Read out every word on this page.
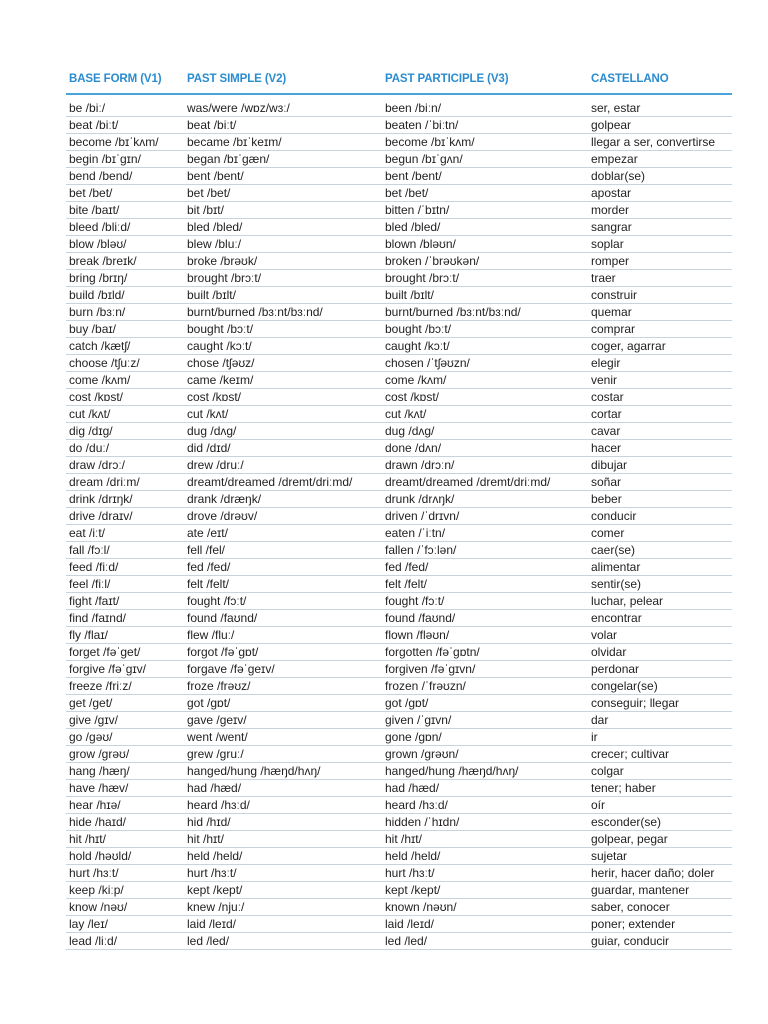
BASE FORM (V1)	PAST SIMPLE (V2)	PAST PARTICIPLE (V3)	CASTELLANO
be /biː/	was/were /wɒz/wɜː/	been /biːn/	ser, estar
beat /biːt/	beat /biːt/	beaten /ˈbiːtn/	golpear
become /bɪˈkʌm/	became /bɪˈkeɪm/	become /bɪˈkʌm/	llegar a ser, convertirse
begin /bɪˈɡɪn/	began /bɪˈɡæn/	begun /bɪˈɡʌn/	empezar
bend /bend/	bent /bent/	bent /bent/	doblar(se)
bet /bet/	bet /bet/	bet /bet/	apostar
bite /baɪt/	bit /bɪt/	bitten /ˈbɪtn/	morder
bleed /bliːd/	bled /bled/	bled /bled/	sangrar
blow /bləʊ/	blew /bluː/	blown /bləʊn/	soplar
break /breɪk/	broke /brəʊk/	broken /ˈbrəʊkən/	romper
bring /brɪŋ/	brought /brɔːt/	brought /brɔːt/	traer
build /bɪld/	built /bɪlt/	built /bɪlt/	construir
burn /bɜːn/	burnt/burned /bɜːnt/bɜːnd/	burnt/burned /bɜːnt/bɜːnd/	quemar
buy /baɪ/	bought /bɔːt/	bought /bɔːt/	comprar
catch /kætʃ/	caught /kɔːt/	caught /kɔːt/	coger, agarrar
choose /tʃuːz/	chose /tʃəʊz/	chosen /ˈtʃəʊzn/	elegir
come /kʌm/	came /keɪm/	come /kʌm/	venir
cost /kɒst/	cost /kɒst/	cost /kɒst/	costar
cut /kʌt/	cut /kʌt/	cut /kʌt/	cortar
dig /dɪɡ/	dug /dʌɡ/	dug /dʌɡ/	cavar
do /duː/	did /dɪd/	done /dʌn/	hacer
draw /drɔː/	drew /druː/	drawn /drɔːn/	dibujar
dream /driːm/	dreamt/dreamed /dremt/driːmd/	dreamt/dreamed /dremt/driːmd/	soñar
drink /drɪŋk/	drank /dræŋk/	drunk /drʌŋk/	beber
drive /draɪv/	drove /drəʊv/	driven /ˈdrɪvn/	conducir
eat /iːt/	ate /eɪt/	eaten /ˈiːtn/	comer
fall /fɔːl/	fell /fel/	fallen /ˈfɔːlən/	caer(se)
feed /fiːd/	fed /fed/	fed /fed/	alimentar
feel /fiːl/	felt /felt/	felt /felt/	sentir(se)
fight /faɪt/	fought /fɔːt/	fought /fɔːt/	luchar, pelear
find /faɪnd/	found /faʊnd/	found /faʊnd/	encontrar
fly /flaɪ/	flew /fluː/	flown /fləʊn/	volar
forget /fəˈɡet/	forgot /fəˈɡɒt/	forgotten /fəˈɡɒtn/	olvidar
forgive /fəˈɡɪv/	forgave /fəˈɡeɪv/	forgiven /fəˈɡɪvn/	perdonar
freeze /friːz/	froze /frəʊz/	frozen /ˈfrəʊzn/	congelar(se)
get /ɡet/	got /ɡɒt/	got /ɡɒt/	conseguir; llegar
give /ɡɪv/	gave /ɡeɪv/	given /ˈɡɪvn/	dar
go /ɡəʊ/	went /went/	gone /ɡɒn/	ir
grow /ɡrəʊ/	grew /ɡruː/	grown /ɡrəʊn/	crecer; cultivar
hang /hæŋ/	hanged/hung /hæŋd/hʌŋ/	hanged/hung /hæŋd/hʌŋ/	colgar
have /hæv/	had /hæd/	had /hæd/	tener; haber
hear /hɪə/	heard /hɜːd/	heard /hɜːd/	oír
hide /haɪd/	hid /hɪd/	hidden /ˈhɪdn/	esconder(se)
hit /hɪt/	hit /hɪt/	hit /hɪt/	golpear, pegar
hold /həʊld/	held /held/	held /held/	sujetar
hurt /hɜːt/	hurt /hɜːt/	hurt /hɜːt/	herir, hacer daño; doler
keep /kiːp/	kept /kept/	kept /kept/	guardar, mantener
know /nəʊ/	knew /njuː/	known /nəʊn/	saber, conocer
lay /leɪ/	laid /leɪd/	laid /leɪd/	poner; extender
lead /liːd/	led /led/	led /led/	guiar, conducir
